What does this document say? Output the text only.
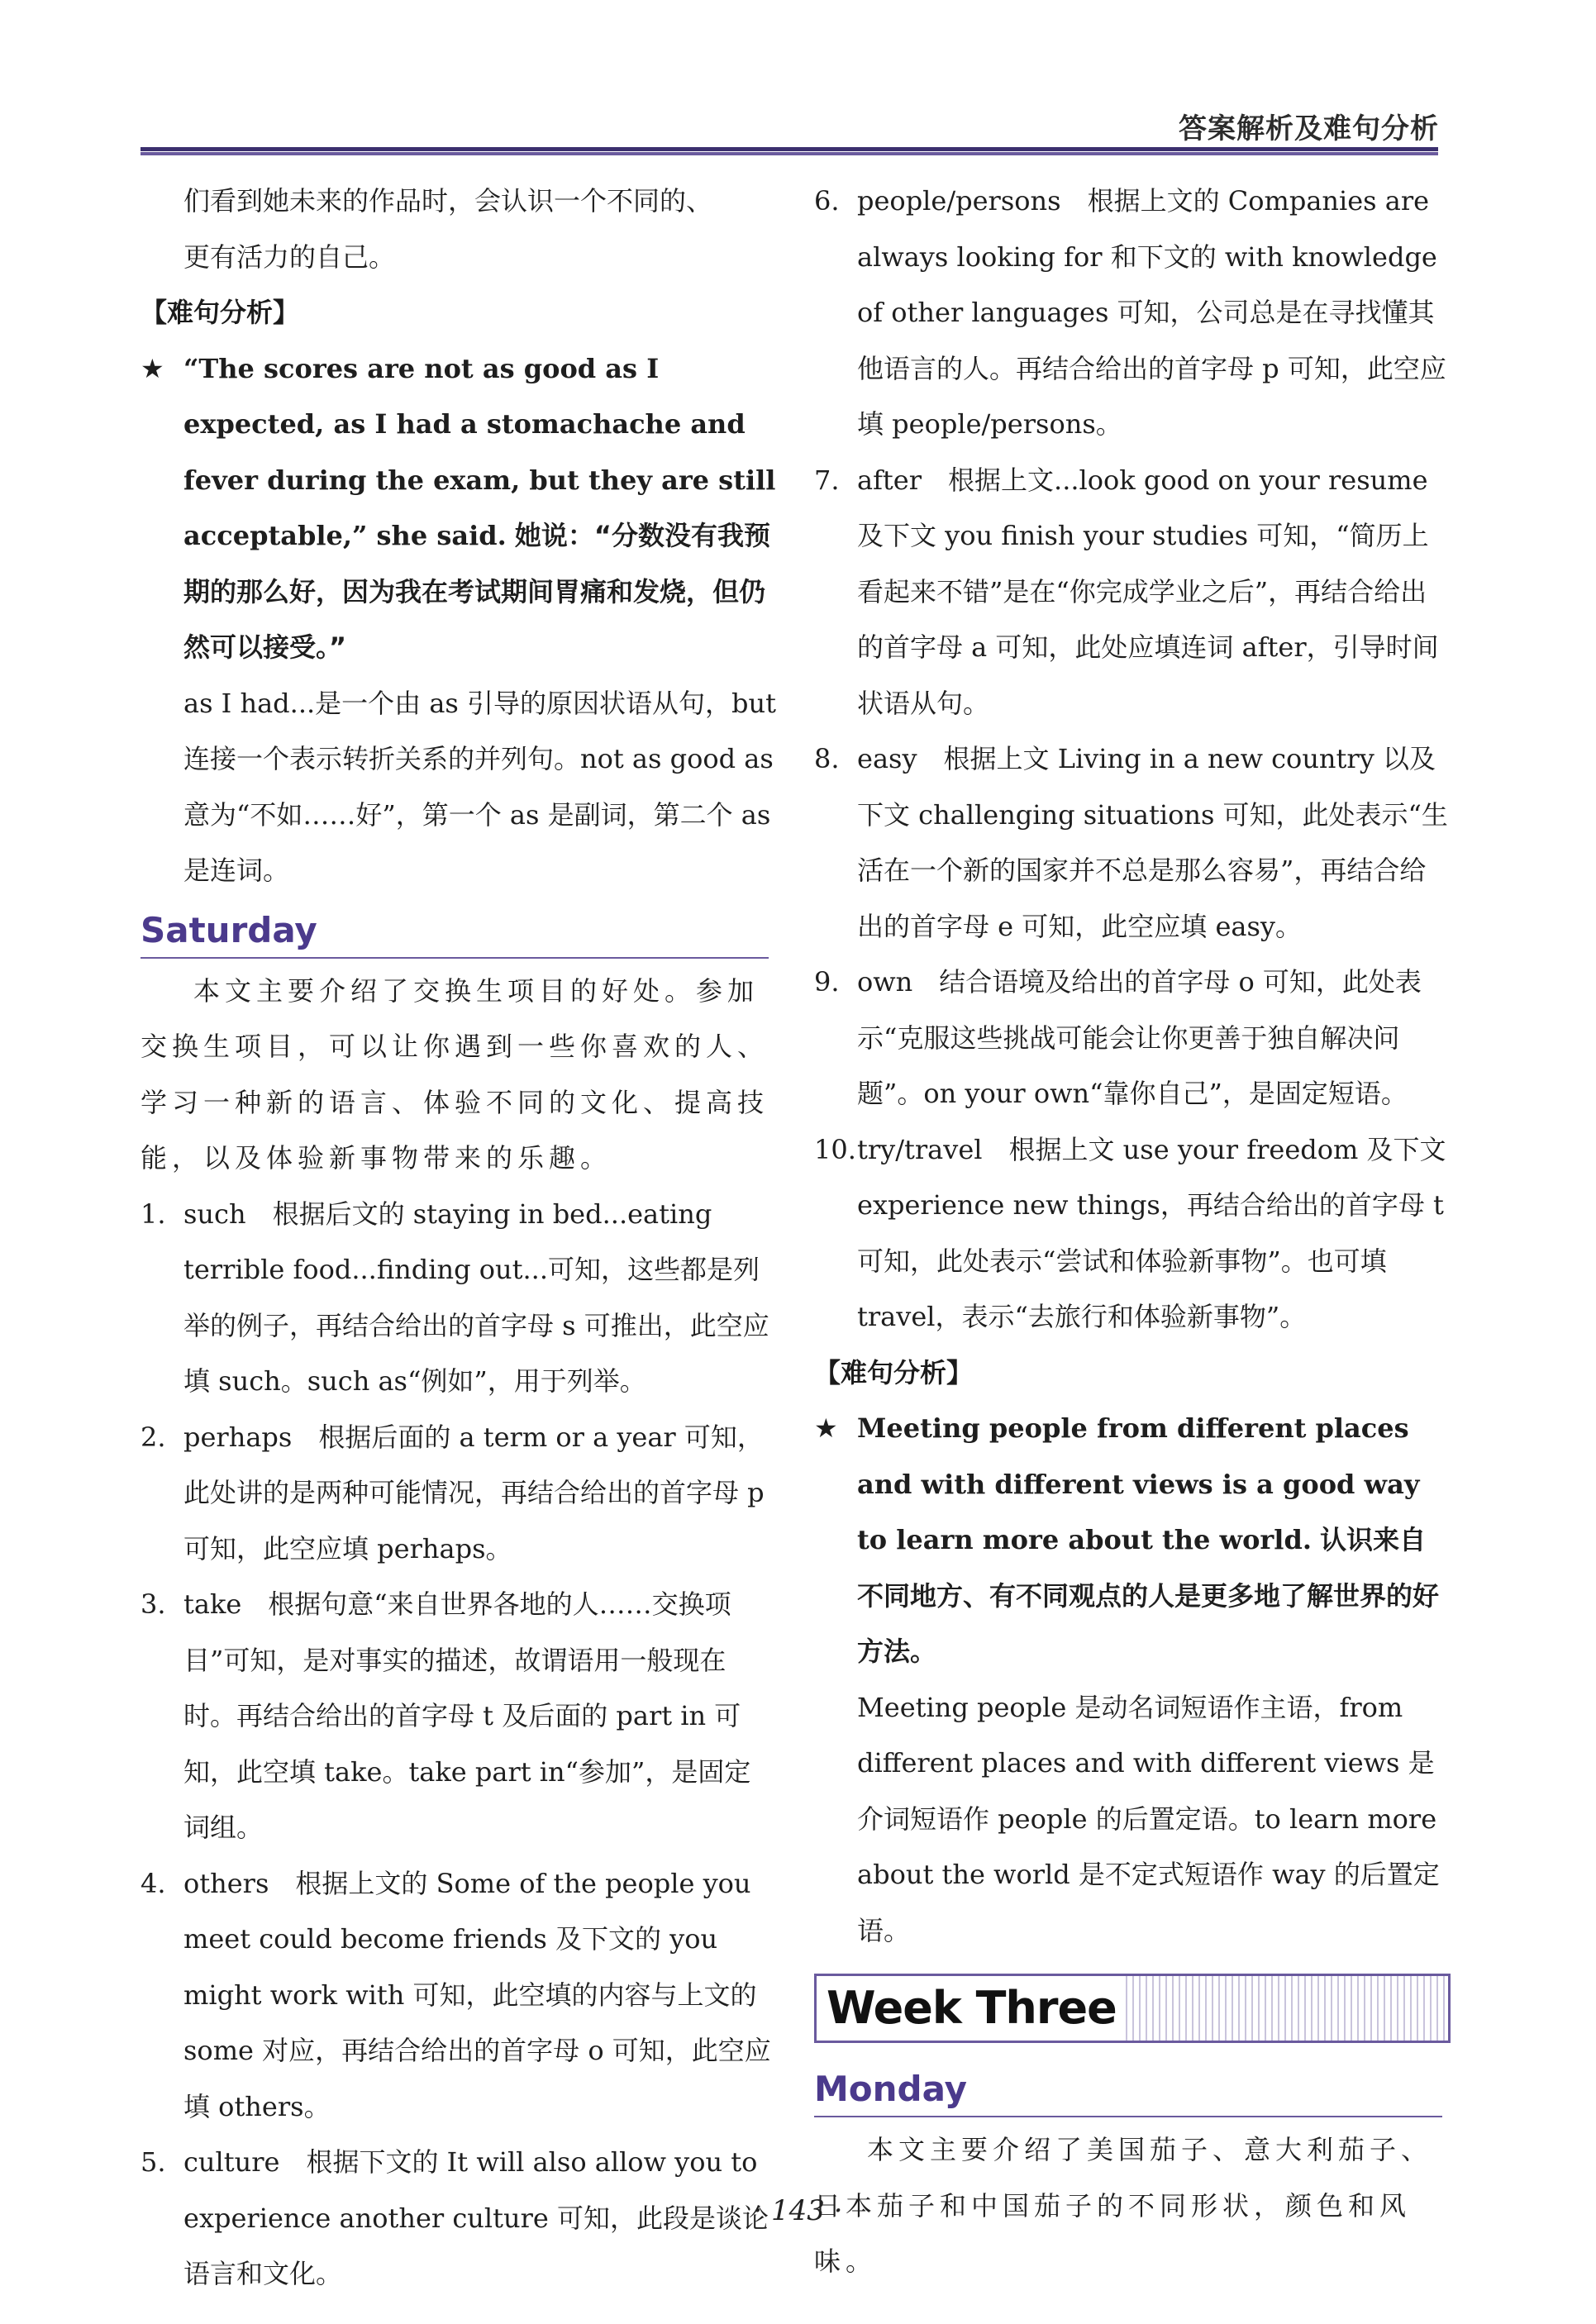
答案解析及难句分析

们看到她未来的作品时，会认识一个不同的、

更有活力的自己。

【难句分析】

★ “The scores are not as good as I expected, as I had a stomachache and fever during the exam, but they are still acceptable,” she said. 她说：“分数没有我预期的那么好，因为我在考试期间胃痛和发烧，但仍然可以接受。”
as I had...是一个由 as 引导的原因状语从句，but 连接一个表示转折关系的并列句。not as good as 意为“不如……好”，第一个 as 是副词，第二个 as 是连词。

Saturday

本文主要介绍了交换生项目的好处。参加交换生项目，可以让你遇到一些你喜欢的人、学习一种新的语言、体验不同的文化、提高技能，以及体验新事物带来的乐趣。

1. such  根据后文的 staying in bed...eating terrible food...finding out...可知，这些都是列举的例子，再结合给出的首字母 s 可推出，此空应填 such。such as“例如”，用于列举。
2. perhaps  根据后面的 a term or a year 可知，此处讲的是两种可能情况，再结合给出的首字母 p 可知，此空应填 perhaps。
3. take  根据句意“来自世界各地的人……交换项目”可知，是对事实的描述，故谓语用一般现在时。再结合给出的首字母 t 及后面的 part in 可知，此空填 take。take part in“参加”，是固定词组。
4. others  根据上文的 Some of the people you meet could become friends 及下文的 you might work with 可知，此空填的内容与上文的 some 对应，再结合给出的首字母 o 可知，此空应填 others。
5. culture  根据下文的 It will also allow you to experience another culture 可知，此段是谈论语言和文化。
6. people/persons  根据上文的 Companies are always looking for 和下文的 with knowledge of other languages 可知，公司总是在寻找懂其他语言的人。再结合给出的首字母 p 可知，此空应填 people/persons。
7. after  根据上文...look good on your resume 及下文 you finish your studies 可知，“简历上看起来不错”是在“你完成学业之后”，再结合给出的首字母 a 可知，此处应填连词 after，引导时间状语从句。
8. easy  根据上文 Living in a new country 以及下文 challenging situations 可知，此处表示“生活在一个新的国家并不总是那么容易”，再结合给出的首字母 e 可知，此空应填 easy。
9. own  结合语境及给出的首字母 o 可知，此处表示“克服这些挑战可能会让你更善于独自解决问题”。on your own“靠你自己”，是固定短语。
10. try/travel  根据上文 use your freedom 及下文 experience new things，再结合给出的首字母 t 可知，此处表示“尝试和体验新事物”。也可填 travel，表示“去旅行和体验新事物”。

【难句分析】

★ Meeting people from different places and with different views is a good way to learn more about the world. 认识来自不同地方、有不同观点的人是更多地了解世界的好方法。
Meeting people 是动名词短语作主语，from different places and with different views 是介词短语作 people 的后置定语。to learn more about the world 是不定式短语作 way 的后置定语。
Week Three

Monday

本文主要介绍了美国茄子、意大利茄子、日本茄子和中国茄子的不同形状，颜色和风味。

· 143 ·
